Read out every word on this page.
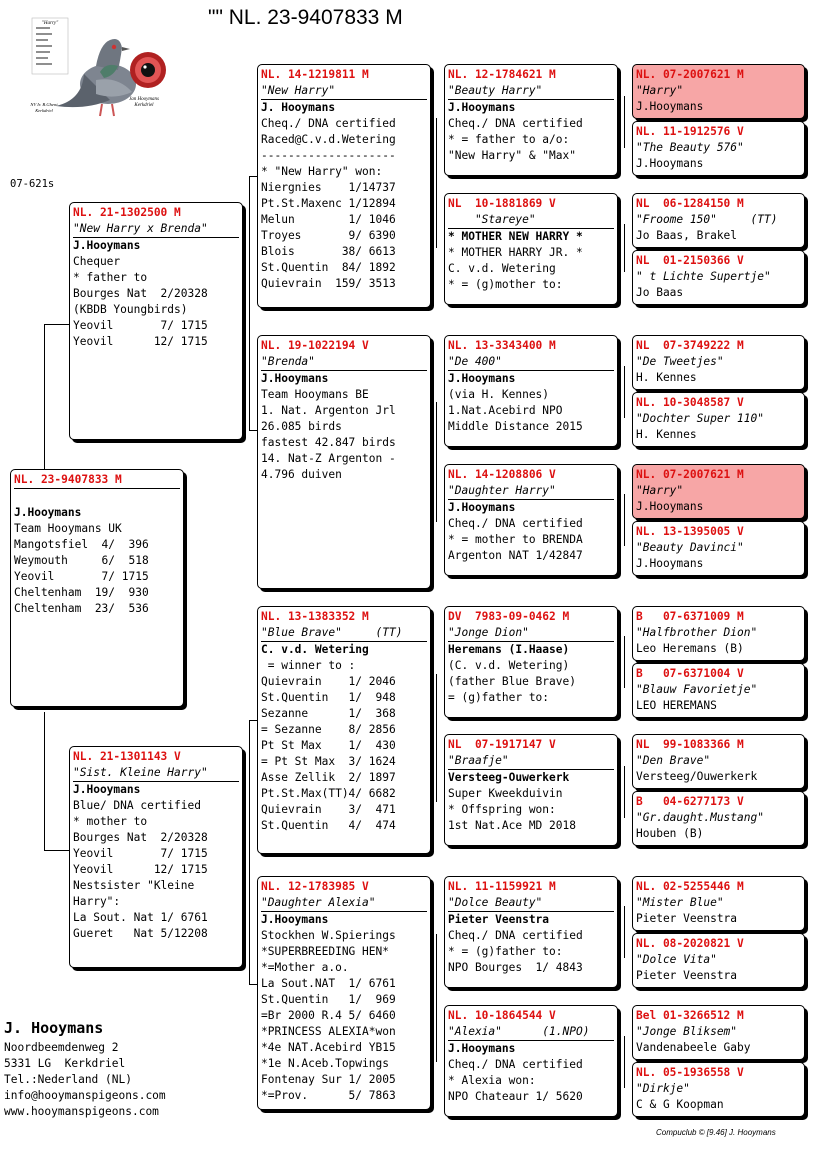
"" NL. 23-9407833 M
07-621s
"Harry"
NV Ir. B.Ghent
Kerkdriel
Jan Hooymans
Kerkdriel
NL. 23-9407833 M
J.Hooymans
Team Hooymans UK
Mangotsfiel  4/  396
Weymouth     6/  518
Yeovil       7/ 1715
Cheltenham  19/  930
Cheltenham  23/  536
NL. 21-1302500 M
"New Harry x Brenda"
J.Hooymans
Chequer
* father to
Bourges Nat  2/20328
(KBDB Youngbirds)
Yeovil       7/ 1715
Yeovil      12/ 1715
NL. 21-1301143 V
"Sist. Kleine Harry"
J.Hooymans
Blue/ DNA certified
* mother to
Bourges Nat  2/20328
Yeovil       7/ 1715
Yeovil      12/ 1715
Nestsister "Kleine
Harry":
La Sout. Nat 1/ 6761
Gueret   Nat 5/12208
NL. 14-1219811 M
"New Harry"
J. Hooymans
Cheq./ DNA certified
Raced@C.v.d.Wetering
--------------------
* "New Harry" won:
Niergnies    1/14737
Pt.St.Maxenc 1/12894
Melun        1/ 1046
Troyes       9/ 6390
Blois       38/ 6613
St.Quentin  84/ 1892
Quievrain  159/ 3513
NL. 19-1022194 V
"Brenda"
J.Hooymans
Team Hooymans BE
1. Nat. Argenton Jrl
26.085 birds
fastest 42.847 birds
14. Nat-Z Argenton -
4.796 duiven
NL. 13-1383352 M
"Blue Brave"     (TT)
C. v.d. Wetering
= winner to :
Quievrain    1/ 2046
St.Quentin   1/  948
Sezanne      1/  368
= Sezanne    8/ 2856
Pt St Max    1/  430
= Pt St Max  3/ 1624
Asse Zellik  2/ 1897
Pt.St.Max(TT)4/ 6682
Quievrain    3/  471
St.Quentin   4/  474
NL. 12-1783985 V
"Daughter Alexia"
J.Hooymans
Stockhen W.Spierings
*SUPERBREEDING HEN*
*=Mother a.o.
La Sout.NAT  1/ 6761
St.Quentin   1/  969
=Br 2000 R.4 5/ 6460
*PRINCESS ALEXIA*won
*4e NAT.Acebird YB15
*1e N.Aceb.Topwings
Fontenay Sur 1/ 2005
*=Prov.      5/ 7863
NL. 12-1784621 M
"Beauty Harry"
J.Hooymans
Cheq./ DNA certified
* = father to a/o:
"New Harry" & "Max"
NL  10-1881869 V
"Stareye"
* MOTHER NEW HARRY *
* MOTHER HARRY JR. *
C. v.d. Wetering
* = (g)mother to:
NL. 13-3343400 M
"De 400"
J.Hooymans
(via H. Kennes)
1.Nat.Acebird NPO
Middle Distance 2015
NL. 14-1208806 V
"Daughter Harry"
J.Hooymans
Cheq./ DNA certified
* = mother to BRENDA
Argenton NAT 1/42847
DV  7983-09-0462 M
"Jonge Dion"
Heremans (I.Haase)
(C. v.d. Wetering)
(father Blue Brave)
= (g)father to:
NL  07-1917147 V
"Braafje"
Versteeg-Ouwerkerk
Super Kweekduivin
* Offspring won:
1st Nat.Ace MD 2018
NL. 11-1159921 M
"Dolce Beauty"
Pieter Veenstra
Cheq./ DNA certified
* = (g)father to:
NPO Bourges  1/ 4843
NL. 10-1864544 V
"Alexia"      (1.NPO)
J.Hooymans
Cheq./ DNA certified
* Alexia won:
NPO Chateaur 1/ 5620
NL. 07-2007621 M
"Harry"
J.Hooymans
NL. 11-1912576 V
"The Beauty 576"
J.Hooymans
NL  06-1284150 M
"Froome 150"     (TT)
Jo Baas, Brakel
NL  01-2150366 V
" t Lichte Supertje"
Jo Baas
NL  07-3749222 M
"De Tweetjes"
H. Kennes
NL. 10-3048587 V
"Dochter Super 110"
H. Kennes
NL. 07-2007621 M
"Harry"
J.Hooymans
NL. 13-1395005 V
"Beauty Davinci"
J.Hooymans
B   07-6371009 M
"Halfbrother Dion"
Leo Heremans (B)
B   07-6371004 V
"Blauw Favorietje"
LEO HEREMANS
NL  99-1083366 M
"Den Brave"
Versteeg/Ouwerkerk
B   04-6277173 V
"Gr.daught.Mustang"
Houben (B)
NL. 02-5255446 M
"Mister Blue"
Pieter Veenstra
NL. 08-2020821 V
"Dolce Vita"
Pieter Veenstra
Bel 01-3266512 M
"Jonge Bliksem"
Vandenabeele Gaby
NL. 05-1936558 V
"Dirkje"
C & G Koopman
J. Hooymans
Noordbeemdenweg 2
5331 LG  Kerkdriel
Tel.:Nederland (NL)
info@hooymanspigeons.com
www.hooymanspigeons.com
Compuclub © [9.46] J. Hooymans
